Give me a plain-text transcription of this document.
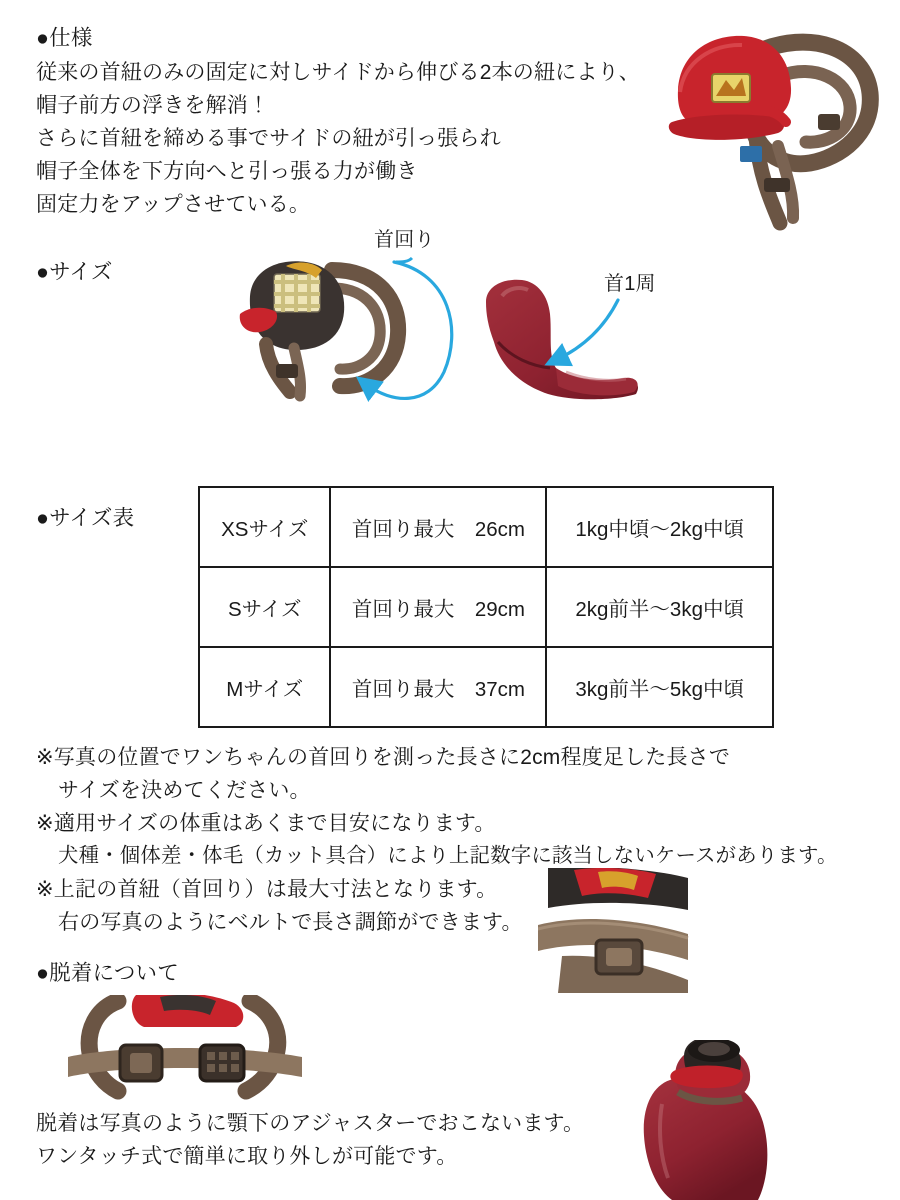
●仕様
従来の首紐のみの固定に対しサイドから伸びる2本の紐により、
帽子前方の浮きを解消！
さらに首紐を締める事でサイドの紐が引っ張られ
帽子全体を下方向へと引っ張る力が働き
固定力をアップさせている。
●サイズ
首回り
首1周
●サイズ表	XSサイズ	首回り最大　26cm	1kg中頃〜2kg中頃
Sサイズ	首回り最大　29cm	2kg前半〜3kg中頃
Mサイズ	首回り最大　37cm	3kg前半〜5kg中頃
※写真の位置でワンちゃんの首回りを測った長さに2cm程度足した長さで
サイズを決めてください。
※適用サイズの体重はあくまで目安になります。
犬種・個体差・体毛（カット具合）により上記数字に該当しないケースがあります。
※上記の首紐（首回り）は最大寸法となります。
右の写真のようにベルトで長さ調節ができます。
●脱着について
脱着は写真のように顎下のアジャスターでおこないます。
ワンタッチ式で簡単に取り外しが可能です。
